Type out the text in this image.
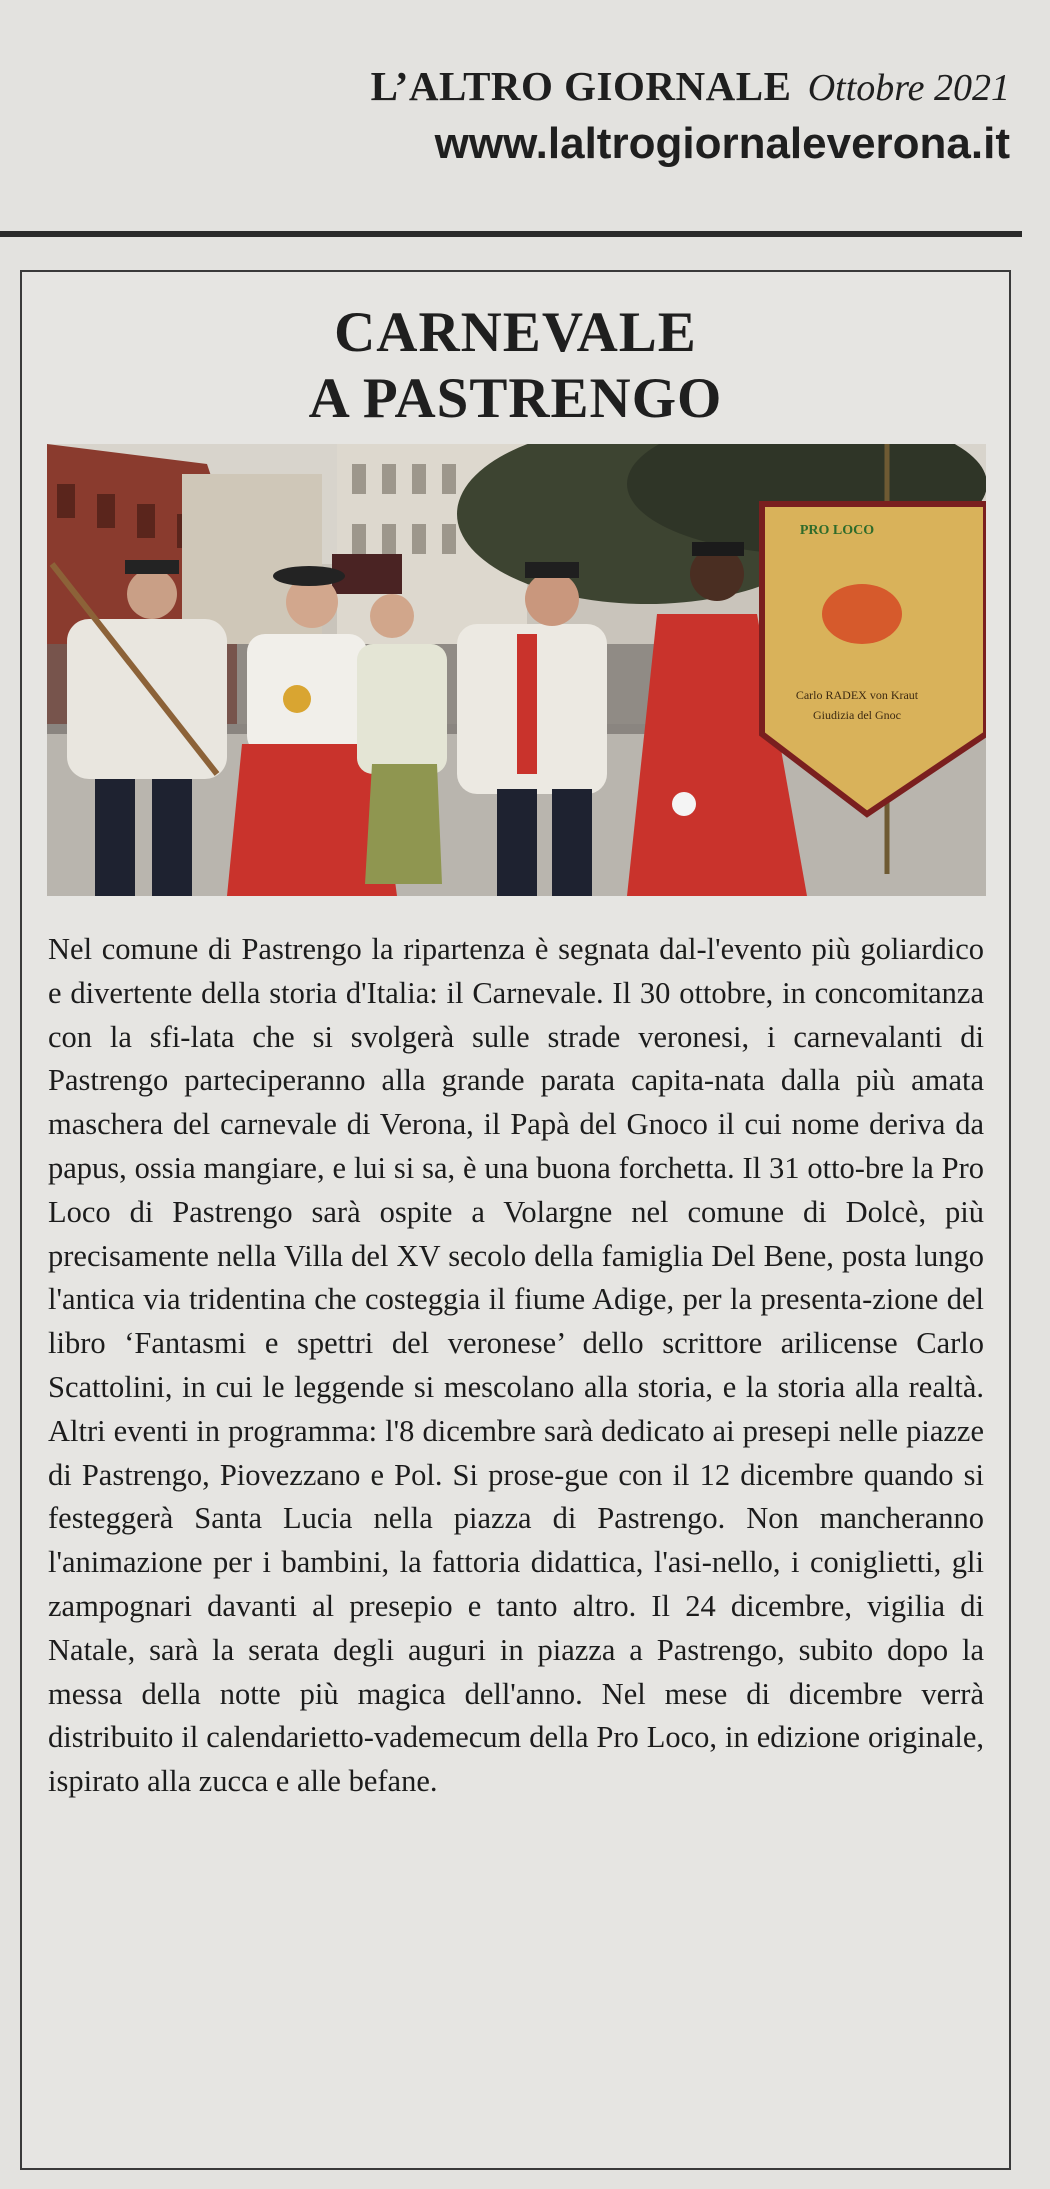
L’ALTRO GIORNALE Ottobre 2021
www.laltrogiornaleverona.it
CARNEVALE
A PASTRENGO
PRO LOCO
Carlo RADEX von Kraut
Giudizia del Gnoc

Nel comune di Pastrengo la ripartenza è segnata dal-l'evento più goliardico e divertente della storia d'Italia: il Carnevale. Il 30 ottobre, in concomitanza con la sfi-lata che si svolgerà sulle strade veronesi, i carnevalanti di Pastrengo parteciperanno alla grande parata capita-nata dalla più amata maschera del carnevale di Verona, il Papà del Gnoco il cui nome deriva da papus, ossia mangiare, e lui si sa, è una buona forchetta. Il 31 otto-bre la Pro Loco di Pastrengo sarà ospite a Volargne nel comune di Dolcè, più precisamente nella Villa del XV secolo della famiglia Del Bene, posta lungo l'antica via tridentina che costeggia il fiume Adige, per la presenta-zione del libro ‘Fantasmi e spettri del veronese’ dello scrittore arilicense Carlo Scattolini, in cui le leggende si mescolano alla storia, e la storia alla realtà. Altri eventi in programma: l'8 dicembre sarà dedicato ai presepi nelle piazze di Pastrengo, Piovezzano e Pol. Si prose-gue con il 12 dicembre quando si festeggerà Santa Lucia nella piazza di Pastrengo. Non mancheranno l'animazione per i bambini, la fattoria didattica, l'asi-nello, i coniglietti, gli zampognari davanti al presepio e tanto altro. Il 24 dicembre, vigilia di Natale, sarà la serata degli auguri in piazza a Pastrengo, subito dopo la messa della notte più magica dell'anno. Nel mese di dicembre verrà distribuito il calendarietto-vademecum della Pro Loco, in edizione originale, ispirato alla zucca e alle befane.
